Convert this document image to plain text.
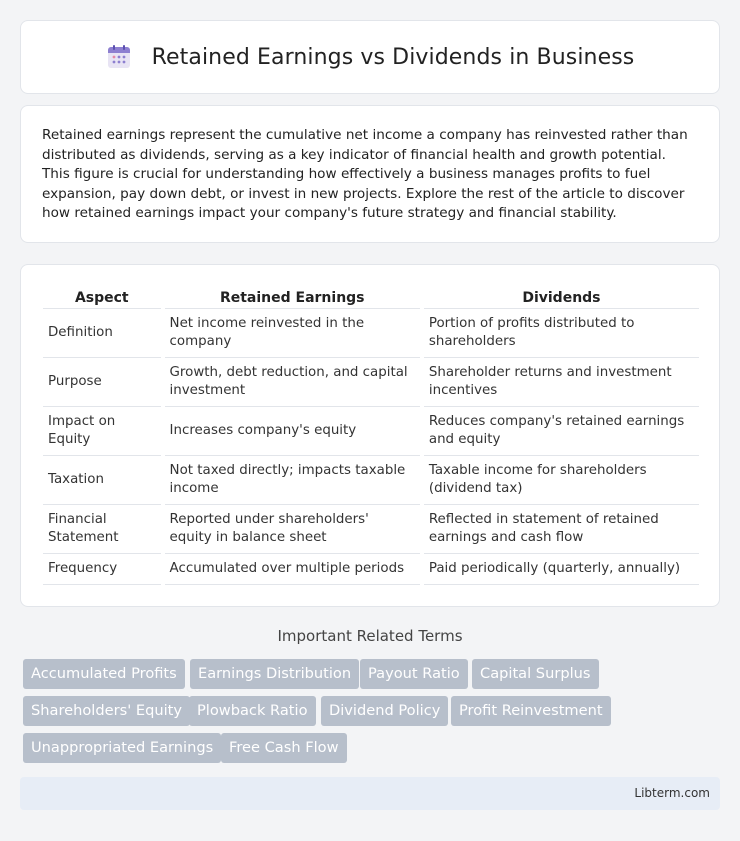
Retained Earnings vs Dividends in Business

Retained earnings represent the cumulative net income a company has reinvested rather than distributed as dividends, serving as a key indicator of financial health and growth potential. This figure is crucial for understanding how effectively a business manages profits to fuel expansion, pay down debt, or invest in new projects. Explore the rest of the article to discover how retained earnings impact your company's future strategy and financial stability.

Aspect		Retained Earnings		Dividends
Definition		Net income reinvested in the company		Portion of profits distributed to shareholders
Purpose		Growth, debt reduction, and capital investment		Shareholder returns and investment incentives
Impact on Equity		Increases company's equity		Reduces company's retained earnings and equity
Taxation		Not taxed directly; impacts taxable income		Taxable income for shareholders (dividend tax)
Financial Statement		Reported under shareholders' equity in balance sheet		Reflected in statement of retained earnings and cash flow
Frequency		Accumulated over multiple periods		Paid periodically (quarterly, annually)
Important Related Terms
Accumulated Profits	Earnings Distribution	Payout Ratio	Capital Surplus
Shareholders' Equity	Plowback Ratio	Dividend Policy	Profit Reinvestment
Unappropriated Earnings	Free Cash Flow
Libterm.com
